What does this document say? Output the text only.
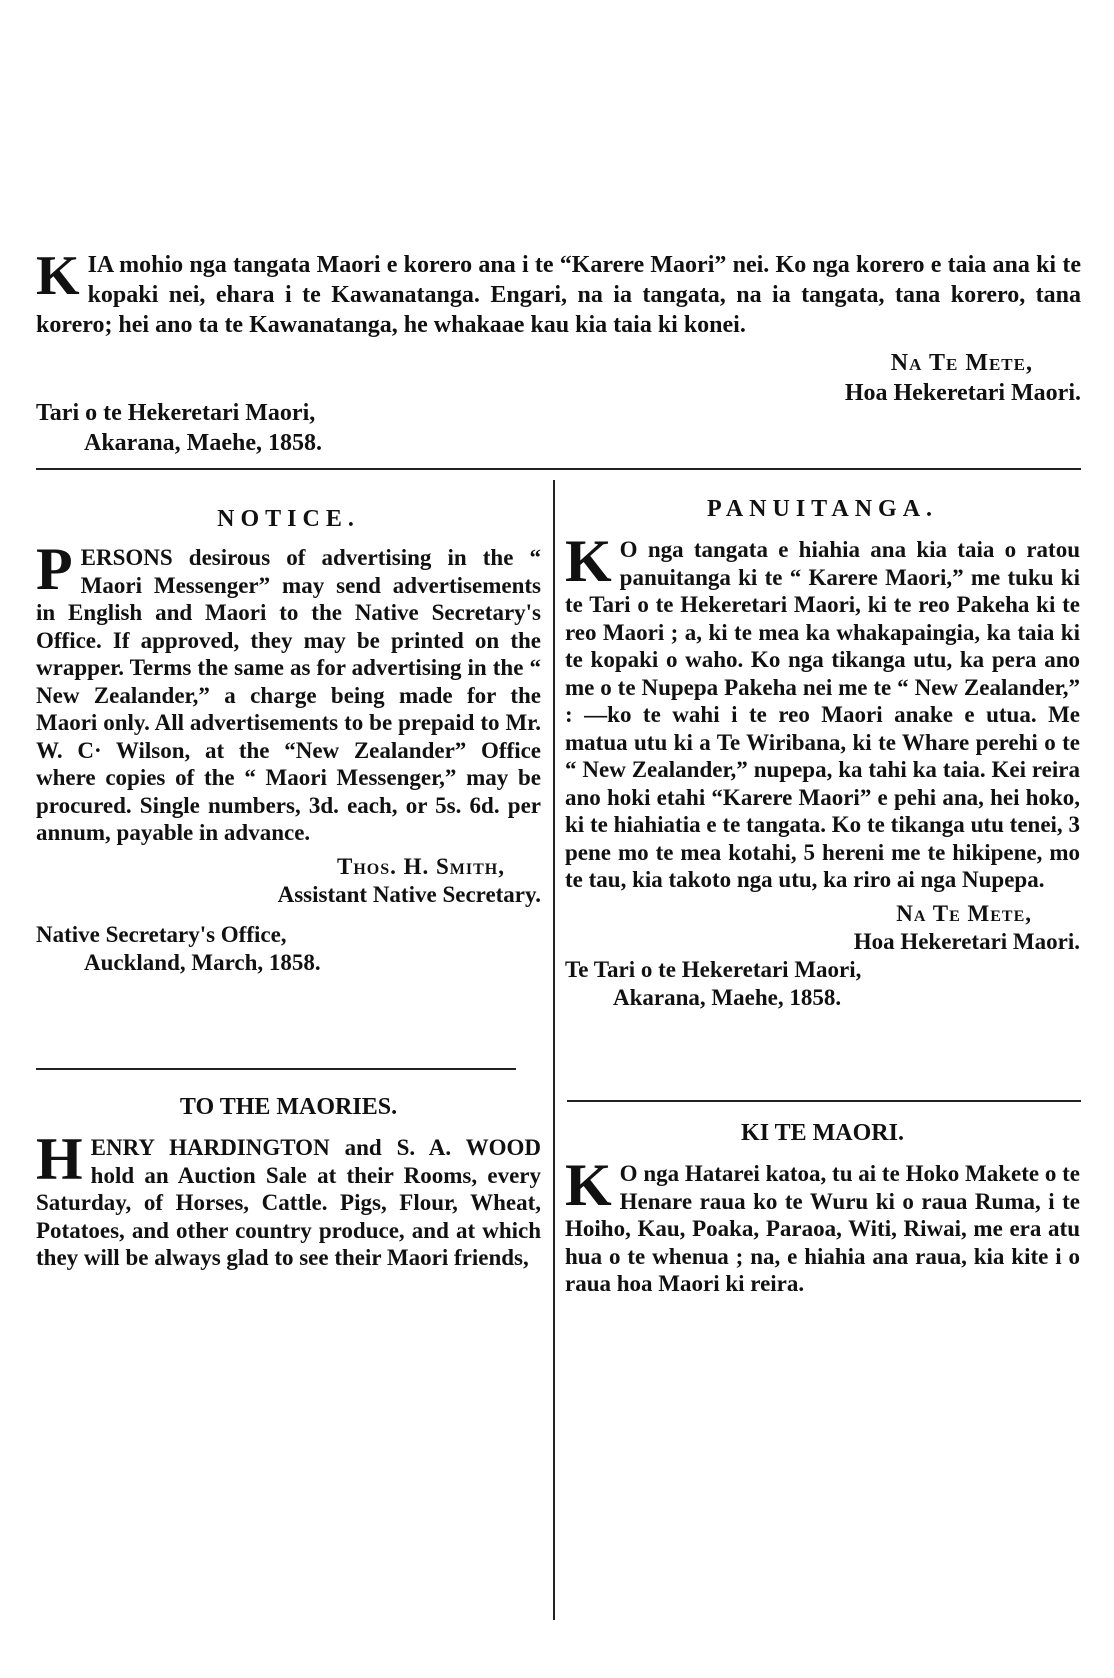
KIA mohio nga tangata Maori e korero ana i te “Karere Maori” nei. Ko nga korero e taia ana ki te kopaki nei, ehara i te Kawanatanga. Engari, na ia tangata, na ia tangata, tana korero, tana korero; hei ano ta te Kawanatanga, he whakaae kau kia taia ki konei.

Na Te Mete,

Hoa Hekeretari Maori.

Tari o te Hekeretari Maori,

Akarana, Maehe, 1858.

NOTICE.

PERSONS desirous of advertising in the “ Maori Messenger” may send advertisements in English and Maori to the Native Secretary's Office. If approved, they may be printed on the wrapper. Terms the same as for advertising in the “ New Zealander,” a charge being made for the Maori only. All advertisements to be prepaid to Mr. W. C· Wilson, at the “New Zealander” Office where copies of the “ Maori Messenger,” may be procured. Single numbers, 3d. each, or 5s. 6d. per annum, payable in advance.

Thos. H. Smith,

Assistant Native Secretary.

Native Secretary's Office,

Auckland, March, 1858.

TO THE MAORIES.

HENRY HARDINGTON and S. A. WOOD hold an Auction Sale at their Rooms, every Saturday, of Horses, Cattle. Pigs, Flour, Wheat, Potatoes, and other country produce, and at which they will be always glad to see their Maori friends,

PANUITANGA.

K O nga tangata e hiahia ana kia taia o ratou panuitanga ki te “ Karere Maori,” me tuku ki te Tari o te Hekeretari Maori, ki te reo Pakeha ki te reo Maori ; a, ki te mea ka whakapaingia, ka taia ki te kopaki o waho. Ko nga tikanga utu, ka pera ano me o te Nupepa Pakeha nei me te “ New Zealander,” : —ko te wahi i te reo Maori anake e utua. Me matua utu ki a Te Wiribana, ki te Whare perehi o te “ New Zealander,” nupepa, ka tahi ka taia. Kei reira ano hoki etahi “Karere Maori” e pehi ana, hei hoko, ki te hiahiatia e te tangata. Ko te tikanga utu tenei, 3 pene mo te mea kotahi, 5 hereni me te hikipene, mo te tau, kia takoto nga utu, ka riro ai nga Nupepa.

Na Te Mete,

Hoa Hekeretari Maori.

Te Tari o te Hekeretari Maori,

Akarana, Maehe, 1858.

KI TE MAORI.

K O nga Hatarei katoa, tu ai te Hoko Makete o te Henare raua ko te Wuru ki o raua Ruma, i te Hoiho, Kau, Poaka, Paraoa, Witi, Riwai, me era atu hua o te whenua ; na, e hiahia ana raua, kia kite i o raua hoa Maori ki reira.
